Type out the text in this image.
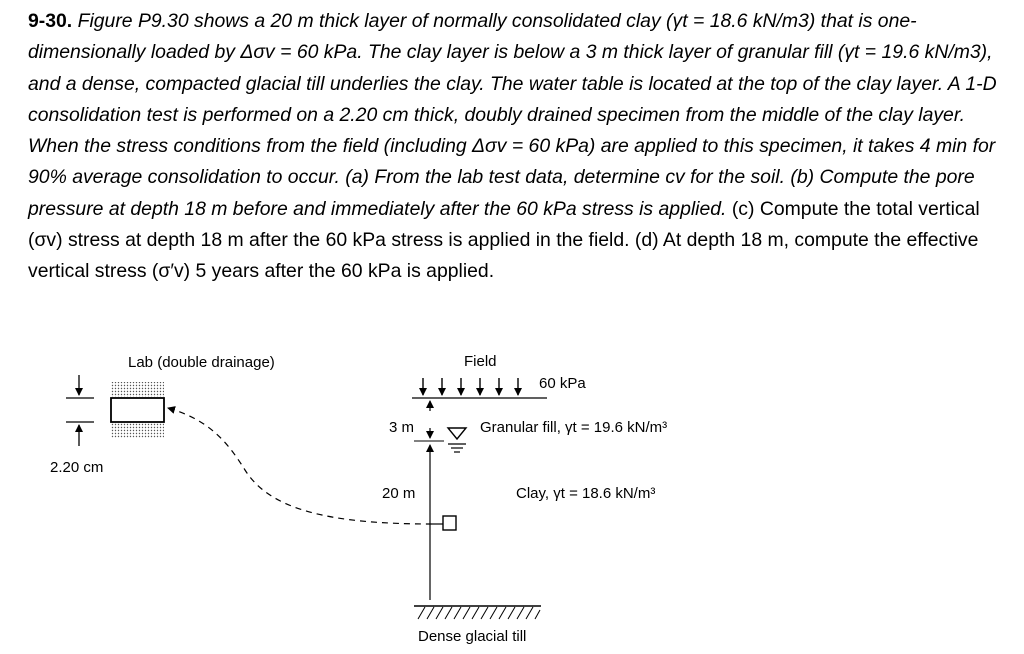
9-30. Figure P9.30 shows a 20 m thick layer of normally consolidated clay (γt = 18.6 kN/m3) that is one-dimensionally loaded by Δσv = 60 kPa. The clay layer is below a 3 m thick layer of granular fill (γt = 19.6 kN/m3), and a dense, compacted glacial till underlies the clay. The water table is located at the top of the clay layer. A 1-D consolidation test is performed on a 2.20 cm thick, doubly drained specimen from the middle of the clay layer. When the stress conditions from the field (including Δσv = 60 kPa) are applied to this specimen, it takes 4 min for 90% average consolidation to occur. (a) From the lab test data, determine cv for the soil. (b) Compute the pore pressure at depth 18 m before and immediately after the 60 kPa stress is applied. (c) Compute the total vertical (σv) stress at depth 18 m after the 60 kPa stress is applied in the field. (d) At depth 18 m, compute the effective vertical stress (σ′v) 5 years after the 60 kPa is applied.

Lab (double drainage)
2.20 cm
Field
60 kPa
3 m	Granular fill, γt = 19.6 kN/m³
20 m	Clay, γt = 18.6 kN/m³
Dense glacial till
